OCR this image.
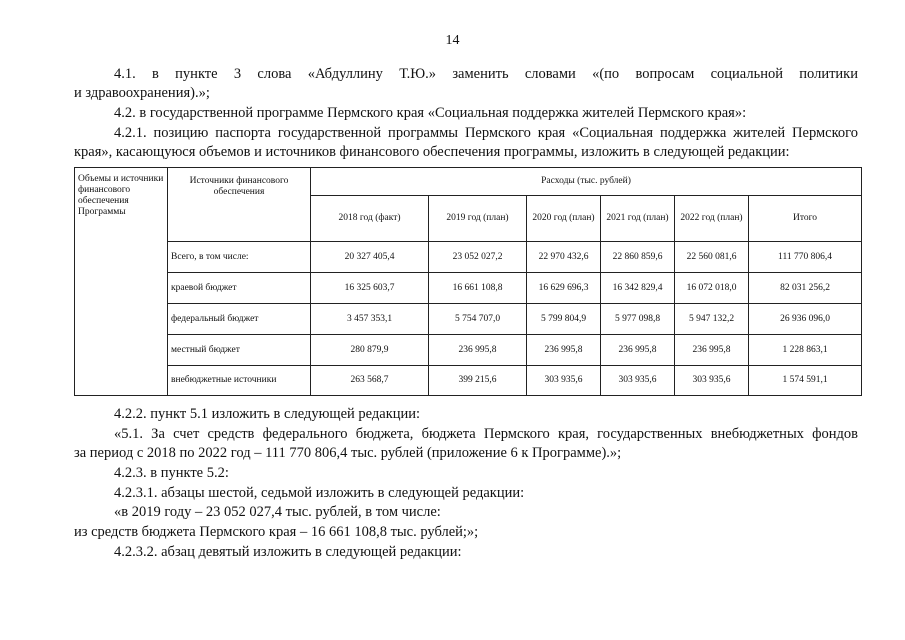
14

4.1. в пункте 3 слова «Абдуллину Т.Ю.» заменить словами «(по вопросам социальной политики

и здравоохранения).»;

4.2. в государственной программе Пермского края «Социальная поддержка жителей Пермского края»:

4.2.1. позицию паспорта государственной программы Пермского края «Социальная поддержка жителей Пермского

края», касающуюся объемов и источников финансового обеспечения программы, изложить в следующей редакции:

Объемы и источники финансового обеспечения Программы	Источники финансового обеспечения	Расходы (тыс. рублей)					
		2018 год (факт)	2019 год (план)	2020 год (план)	2021 год (план)	2022 год (план)	Итого
	Всего, в том числе:	20 327 405,4	23 052 027,2	22 970 432,6	22 860 859,6	22 560 081,6	111 770 806,4
	краевой бюджет	16 325 603,7	16 661 108,8	16 629 696,3	16 342 829,4	16 072 018,0	82 031 256,2
	федеральный бюджет	3 457 353,1	5 754 707,0	5 799 804,9	5 977 098,8	5 947 132,2	26 936 096,0
	местный бюджет	280 879,9	236 995,8	236 995,8	236 995,8	236 995,8	1 228 863,1
	внебюджетные источники	263 568,7	399 215,6	303 935,6	303 935,6	303 935,6	1 574 591,1

4.2.2. пункт 5.1 изложить в следующей редакции:

«5.1. За счет средств федерального бюджета, бюджета Пермского края, государственных внебюджетных фондов

за период с 2018 по 2022 год – 111 770 806,4 тыс. рублей (приложение 6 к Программе).»;

4.2.3. в пункте 5.2:

4.2.3.1. абзацы шестой, седьмой изложить в следующей редакции:

«в 2019 году – 23 052 027,4 тыс. рублей, в том числе:

из средств бюджета Пермского края – 16 661 108,8 тыс. рублей;»;

4.2.3.2. абзац девятый изложить в следующей редакции:
